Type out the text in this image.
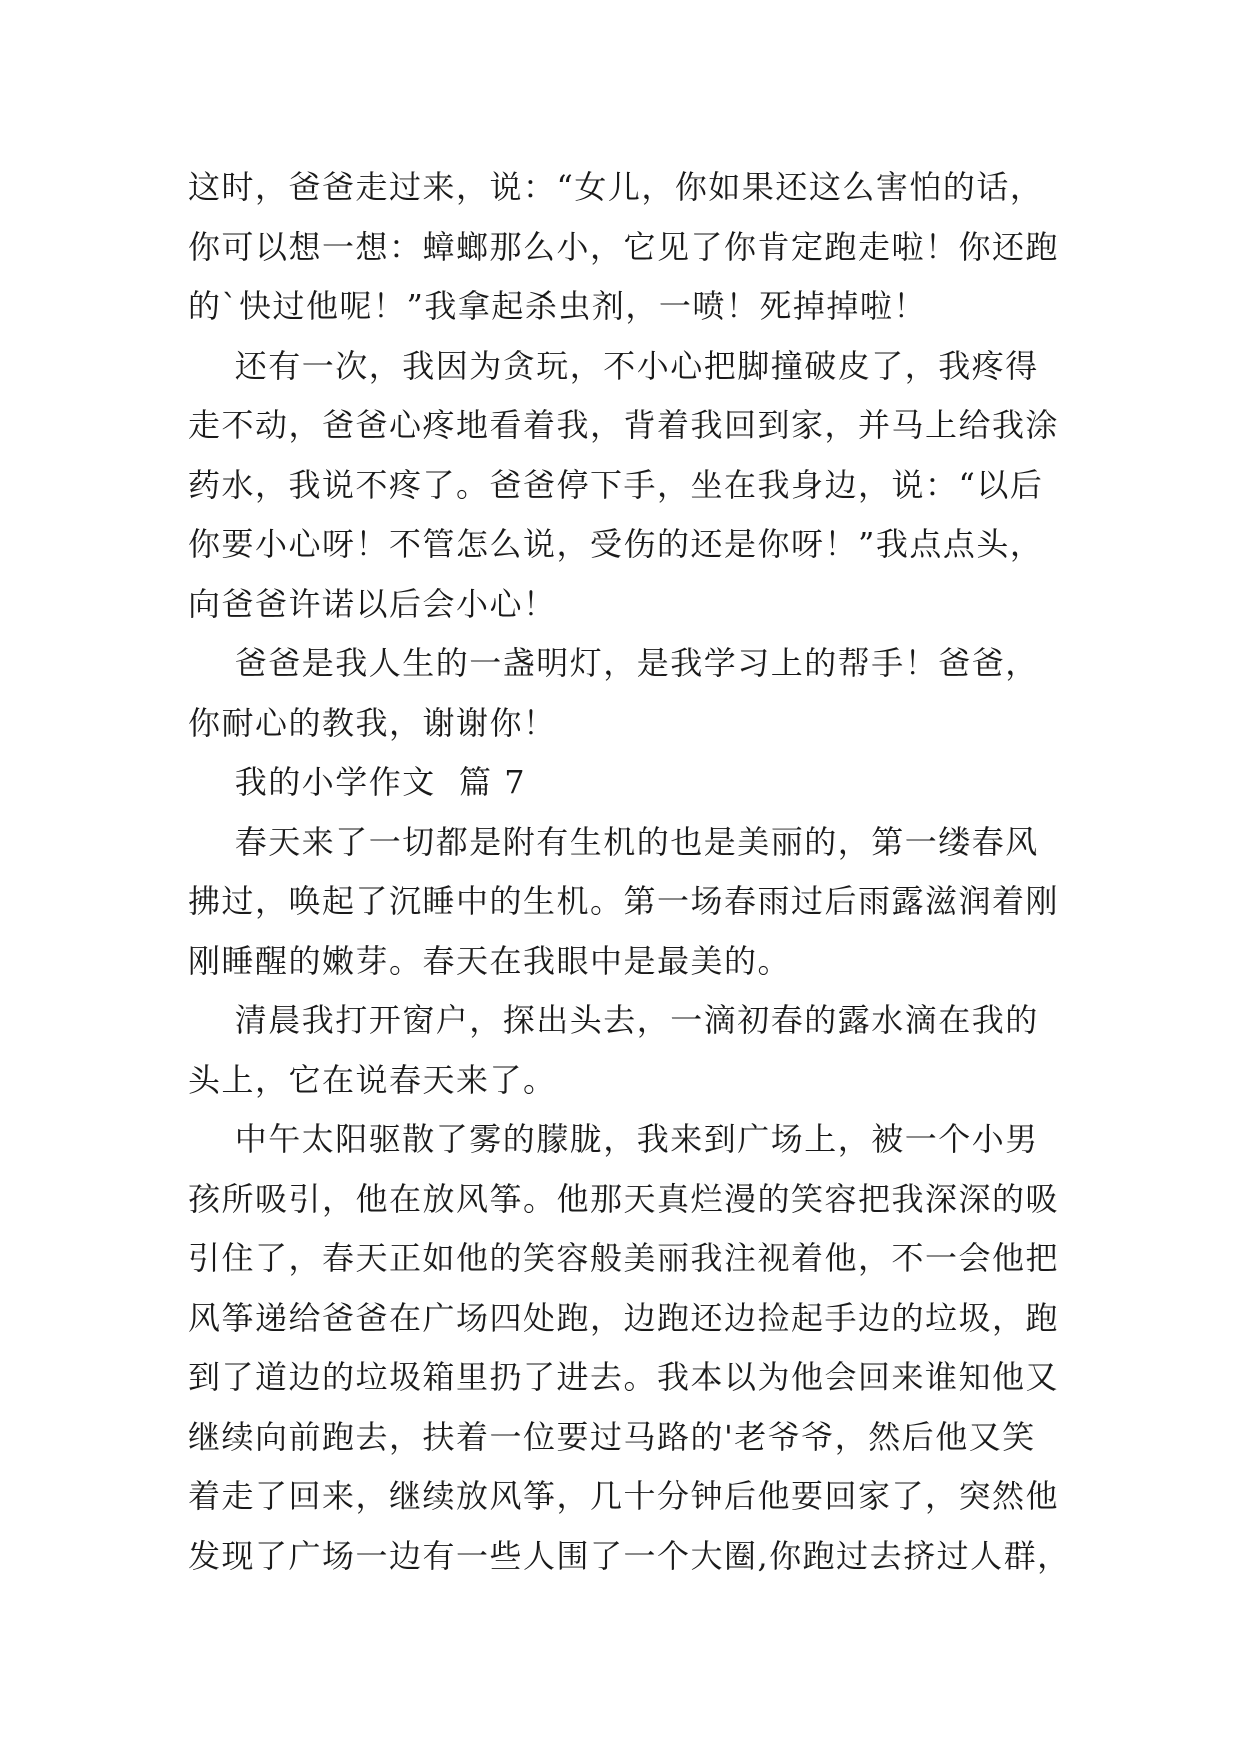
这时，爸爸走过来，说：“女儿，你如果还这么害怕的话，
你可以想一想：蟑螂那么小，它见了你肯定跑走啦！你还跑
的`快过他呢！”我拿起杀虫剂，一喷！死掉掉啦！
还有一次，我因为贪玩，不小心把脚撞破皮了，我疼得
走不动，爸爸心疼地看着我，背着我回到家，并马上给我涂
药水，我说不疼了。爸爸停下手，坐在我身边，说：“以后
你要小心呀！不管怎么说，受伤的还是你呀！”我点点头，
向爸爸许诺以后会小心！
爸爸是我人生的一盏明灯，是我学习上的帮手！爸爸，
你耐心的教我，谢谢你！
我的小学作文  篇 7
春天来了一切都是附有生机的也是美丽的，第一缕春风
拂过，唤起了沉睡中的生机。第一场春雨过后雨露滋润着刚
刚睡醒的嫩芽。春天在我眼中是最美的。
清晨我打开窗户，探出头去，一滴初春的露水滴在我的
头上，它在说春天来了。
中午太阳驱散了雾的朦胧，我来到广场上，被一个小男
孩所吸引，他在放风筝。他那天真烂漫的笑容把我深深的吸
引住了，春天正如他的笑容般美丽我注视着他，不一会他把
风筝递给爸爸在广场四处跑，边跑还边捡起手边的垃圾，跑
到了道边的垃圾箱里扔了进去。我本以为他会回来谁知他又
继续向前跑去，扶着一位要过马路的'老爷爷，然后他又笑
着走了回来，继续放风筝，几十分钟后他要回家了，突然他
发现了广场一边有一些人围了一个大圈,你跑过去挤过人群，
